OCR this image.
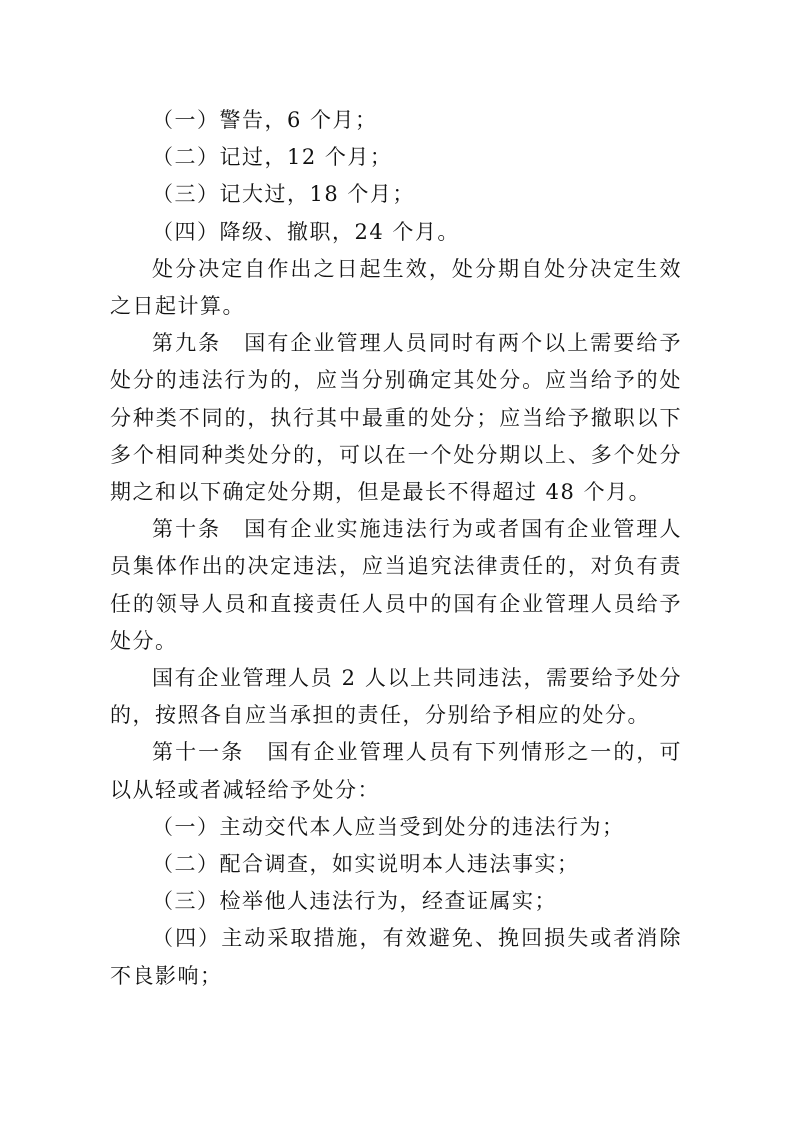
（一）警告，6 个月；

（二）记过，12 个月；

（三）记大过，18 个月；

（四）降级、撤职，24 个月。

处分决定自作出之日起生效，处分期自处分决定生效之日起计算。

第九条　国有企业管理人员同时有两个以上需要给予处分的违法行为的，应当分别确定其处分。应当给予的处分种类不同的，执行其中最重的处分；应当给予撤职以下多个相同种类处分的，可以在一个处分期以上、多个处分期之和以下确定处分期，但是最长不得超过 48 个月。

第十条　国有企业实施违法行为或者国有企业管理人员集体作出的决定违法，应当追究法律责任的，对负有责任的领导人员和直接责任人员中的国有企业管理人员给予处分。

国有企业管理人员 2 人以上共同违法，需要给予处分的，按照各自应当承担的责任，分别给予相应的处分。

第十一条　国有企业管理人员有下列情形之一的，可以从轻或者减轻给予处分：

（一）主动交代本人应当受到处分的违法行为；

（二）配合调查，如实说明本人违法事实；

（三）检举他人违法行为，经查证属实；

（四）主动采取措施，有效避免、挽回损失或者消除不良影响；
